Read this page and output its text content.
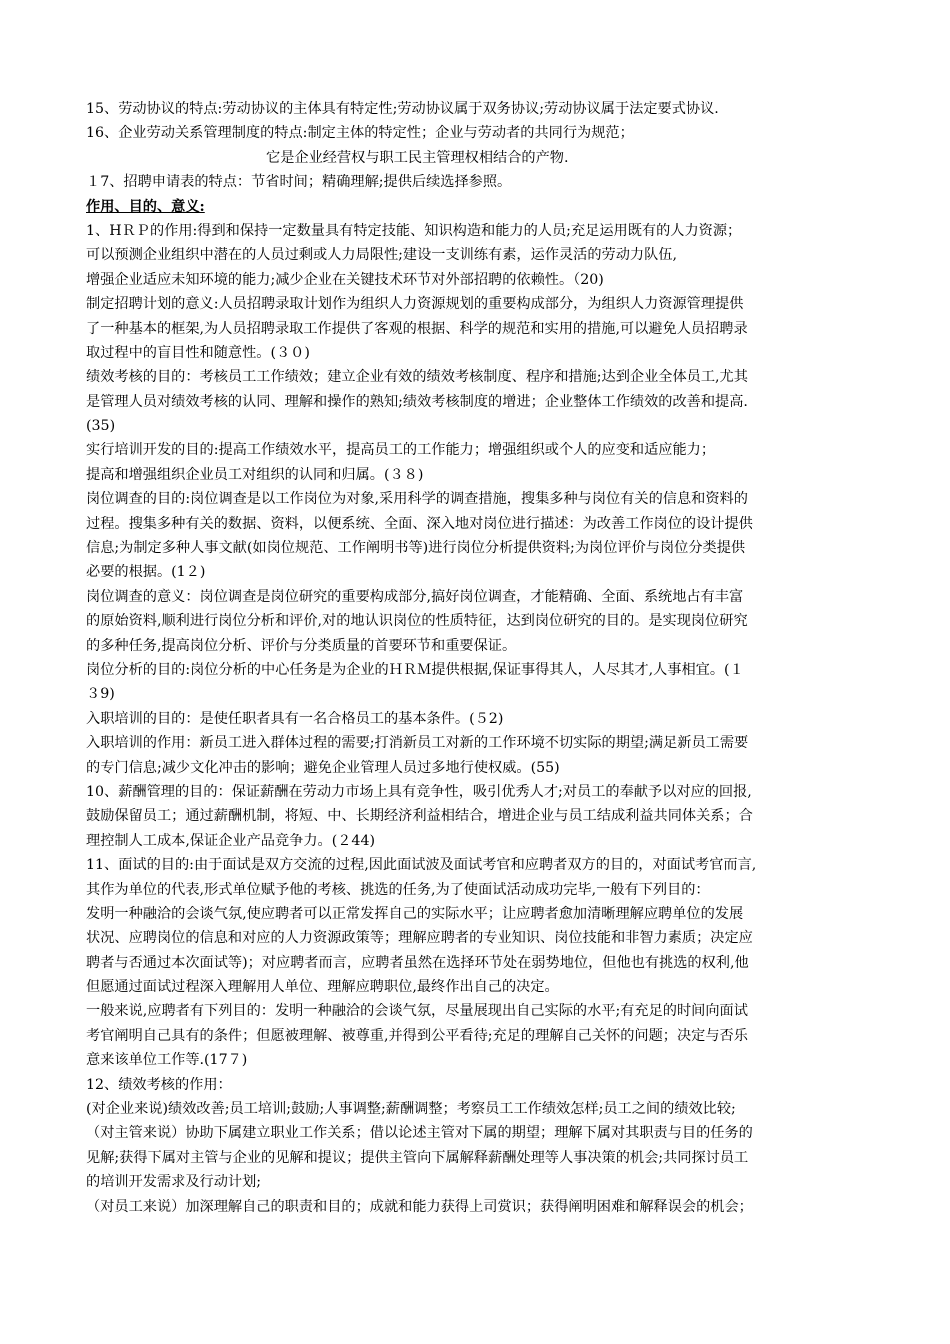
15、劳动协议的特点:劳动协议的主体具有特定性;劳动协议属于双务协议;劳动协议属于法定要式协议.

16、企业劳动关系管理制度的特点:制定主体的特定性；企业与劳动者的共同行为规范；

它是企业经营权与职工民主管理权相结合的产物.

１7、招聘申请表的特点：节省时间；精确理解;提供后续选择参照。

作用、目的、意义:

1、HＲＰ的作用:得到和保持一定数量具有特定技能、知识构造和能力的人员;充足运用既有的人力资源；

可以预测企业组织中潜在的人员过剩或人力局限性;建设一支训练有素，运作灵活的劳动力队伍,

增强企业适应未知环境的能力;减少企业在关键技术环节对外部招聘的依赖性。（20)

制定招聘计划的意义:人员招聘录取计划作为组织人力资源规划的重要构成部分，为组织人力资源管理提供

了一种基本的框架,为人员招聘录取工作提供了客观的根据、科学的规范和实用的措施,可以避免人员招聘录

取过程中的盲目性和随意性。(３０)

绩效考核的目的：考核员工工作绩效；建立企业有效的绩效考核制度、程序和措施;达到企业全体员工,尤其

是管理人员对绩效考核的认同、理解和操作的熟知;绩效考核制度的增进；企业整体工作绩效的改善和提高.

(35)

实行培训开发的目的:提高工作绩效水平，提高员工的工作能力；增强组织或个人的应变和适应能力；

提高和增强组织企业员工对组织的认同和归属。(３８)

岗位调查的目的:岗位调查是以工作岗位为对象,采用科学的调查措施，搜集多种与岗位有关的信息和资料的

过程。搜集多种有关的数据、资料，以便系统、全面、深入地对岗位进行描述：为改善工作岗位的设计提供

信息;为制定多种人事文献(如岗位规范、工作阐明书等)进行岗位分析提供资料;为岗位评价与岗位分类提供

必要的根据。(1２)

岗位调查的意义：岗位调查是岗位研究的重要构成部分,搞好岗位调查，才能精确、全面、系统地占有丰富

的原始资料,顺利进行岗位分析和评价,对的地认识岗位的性质特征，达到岗位研究的目的。是实现岗位研究

的多种任务,提高岗位分析、评价与分类质量的首要环节和重要保证。

岗位分析的目的:岗位分析的中心任务是为企业的ＨＲＭ提供根据,保证事得其人，人尽其才,人事相宜。(１

３9)

入职培训的目的：是使任职者具有一名合格员工的基本条件。(５2)

入职培训的作用：新员工进入群体过程的需要;打消新员工对新的工作环境不切实际的期望;满足新员工需要

的专门信息;减少文化冲击的影响；避免企业管理人员过多地行使权威。(55)

10、薪酬管理的目的：保证薪酬在劳动力市场上具有竞争性，吸引优秀人才;对员工的奉献予以对应的回报,

鼓励保留员工；通过薪酬机制，将短、中、长期经济利益相结合，增进企业与员工结成利益共同体关系；合

理控制人工成本,保证企业产品竞争力。(２44)

11、面试的目的:由于面试是双方交流的过程,因此面试波及面试考官和应聘者双方的目的，对面试考官而言,

其作为单位的代表,形式单位赋予他的考核、挑选的任务,为了使面试活动成功完毕,一般有下列目的：

发明一种融洽的会谈气氛,使应聘者可以正常发挥自己的实际水平；让应聘者愈加清晰理解应聘单位的发展

状况、应聘岗位的信息和对应的人力资源政策等；理解应聘者的专业知识、岗位技能和非智力素质；决定应

聘者与否通过本次面试等)；对应聘者而言，应聘者虽然在选择环节处在弱势地位，但他也有挑选的权利,他

但愿通过面试过程深入理解用人单位、理解应聘职位,最终作出自己的决定。

一般来说,应聘者有下列目的：发明一种融洽的会谈气氛，尽量展现出自己实际的水平;有充足的时间向面试

考官阐明自己具有的条件；但愿被理解、被尊重,并得到公平看待;充足的理解自己关怀的问题；决定与否乐

意来该单位工作等.(17７)

12、绩效考核的作用：

(对企业来说)绩效改善;员工培训;鼓励;人事调整;薪酬调整；考察员工工作绩效怎样;员工之间的绩效比较;

（对主管来说）协助下属建立职业工作关系；借以论述主管对下属的期望；理解下属对其职责与目的任务的

见解;获得下属对主管与企业的见解和提议；提供主管向下属解释薪酬处理等人事决策的机会;共同探讨员工

的培训开发需求及行动计划;

（对员工来说）加深理解自己的职责和目的；成就和能力获得上司赏识；获得阐明困难和解释误会的机会；
